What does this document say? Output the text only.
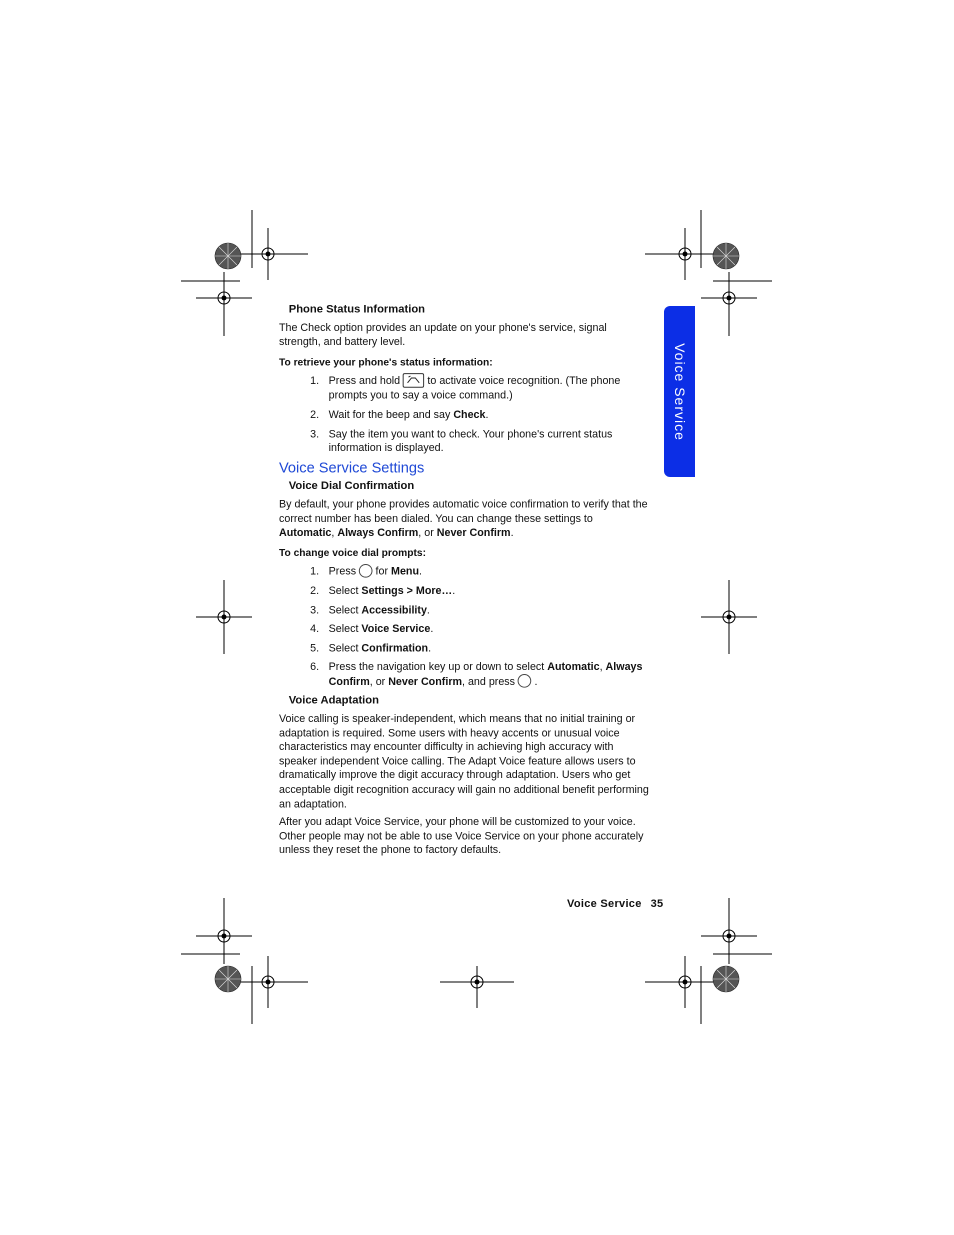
Voice Service
Phone Status Information

The Check option provides an update on your phone's service, signal strength, and battery level.

To retrieve your phone's status information:
1. Press and hold to activate voice recognition. (The phone prompts you to say a voice command.)
2. Wait for the beep and say Check.
3. Say the item you want to check. Your phone's current status information is displayed.
Voice Service Settings
Voice Dial Confirmation

By default, your phone provides automatic voice confirmation to verify that the correct number has been dialed. You can change these settings to Automatic, Always Confirm, or Never Confirm.

To change voice dial prompts:
1. Press for Menu.
2. Select Settings > More….
3. Select Accessibility.
4. Select Voice Service.
5. Select Confirmation.
6. Press the navigation key up or down to select Automatic, Always Confirm, or Never Confirm, and press .
Voice Adaptation

Voice calling is speaker-independent, which means that no initial training or adaptation is required. Some users with heavy accents or unusual voice characteristics may encounter difficulty in achieving high accuracy with speaker independent Voice calling. The Adapt Voice feature allows users to dramatically improve the digit accuracy through adaptation. Users who get acceptable digit recognition accuracy will gain no additional benefit performing an adaptation.

After you adapt Voice Service, your phone will be customized to your voice. Other people may not be able to use Voice Service on your phone accurately unless they reset the phone to factory defaults.

Voice Service 35
